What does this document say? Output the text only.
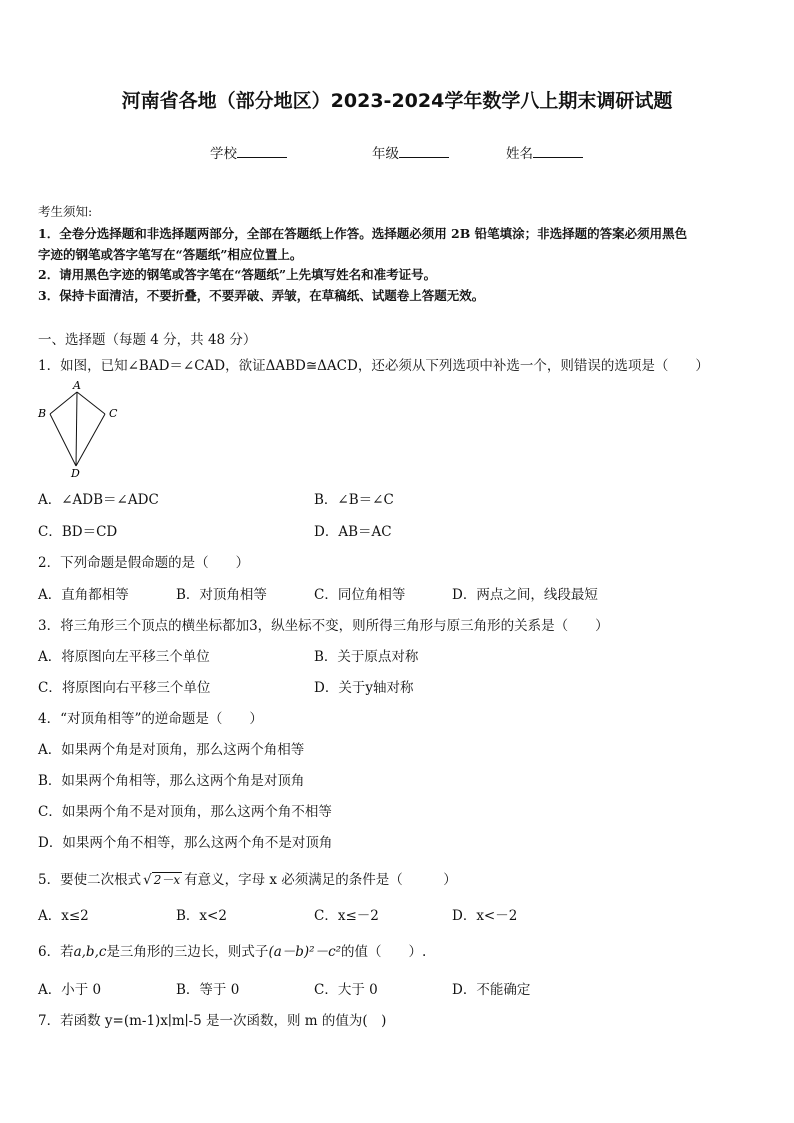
河南省各地（部分地区）2023-2024学年数学八上期末调研试题
学校	年级	姓名
考生须知:
1．全卷分选择题和非选择题两部分，全部在答题纸上作答。选择题必须用 2B 铅笔填涂；非选择题的答案必须用黑色
字迹的钢笔或答字笔写在“答题纸”相应位置上。
2．请用黑色字迹的钢笔或答字笔在“答题纸”上先填写姓名和准考证号。
3．保持卡面清洁，不要折叠，不要弄破、弄皱，在草稿纸、试题卷上答题无效。
一、选择题（每题 4 分，共 48 分）
1．如图，已知∠BAD＝∠CAD，欲证ΔABD≅ΔACD，还必须从下列选项中补选一个，则错误的选项是（　　）
A
B	C
D
A．∠ADB＝∠ADC	B．∠B＝∠C
C．BD＝CD	D．AB＝AC
2．下列命题是假命题的是（　　）
A．直角都相等	B．对顶角相等	C．同位角相等	D．两点之间，线段最短
3．将三角形三个顶点的横坐标都加3，纵坐标不变，则所得三角形与原三角形的关系是（　　）
A．将原图向左平移三个单位	B．关于原点对称
C．将原图向右平移三个单位	D．关于y轴对称
4．“对顶角相等”的逆命题是（　　）
A．如果两个角是对顶角，那么这两个角相等
B．如果两个角相等，那么这两个角是对顶角
C．如果两个角不是对顶角，那么这两个角不相等
D．如果两个角不相等，那么这两个角不是对顶角
5．要使二次根式 √ 2－x 有意义，字母 x 必须满足的条件是（　　　）
A．x≤2	B．x<2	C．x≤－2	D．x<－2
6．若a,b,c是三角形的三边长，则式子(a－b)²－c²的值（　　）.
A．小于 0	B．等于 0	C．大于 0	D．不能确定
7．若函数 y=(m-1)x∣m∣-5 是一次函数，则 m 的值为(　)
